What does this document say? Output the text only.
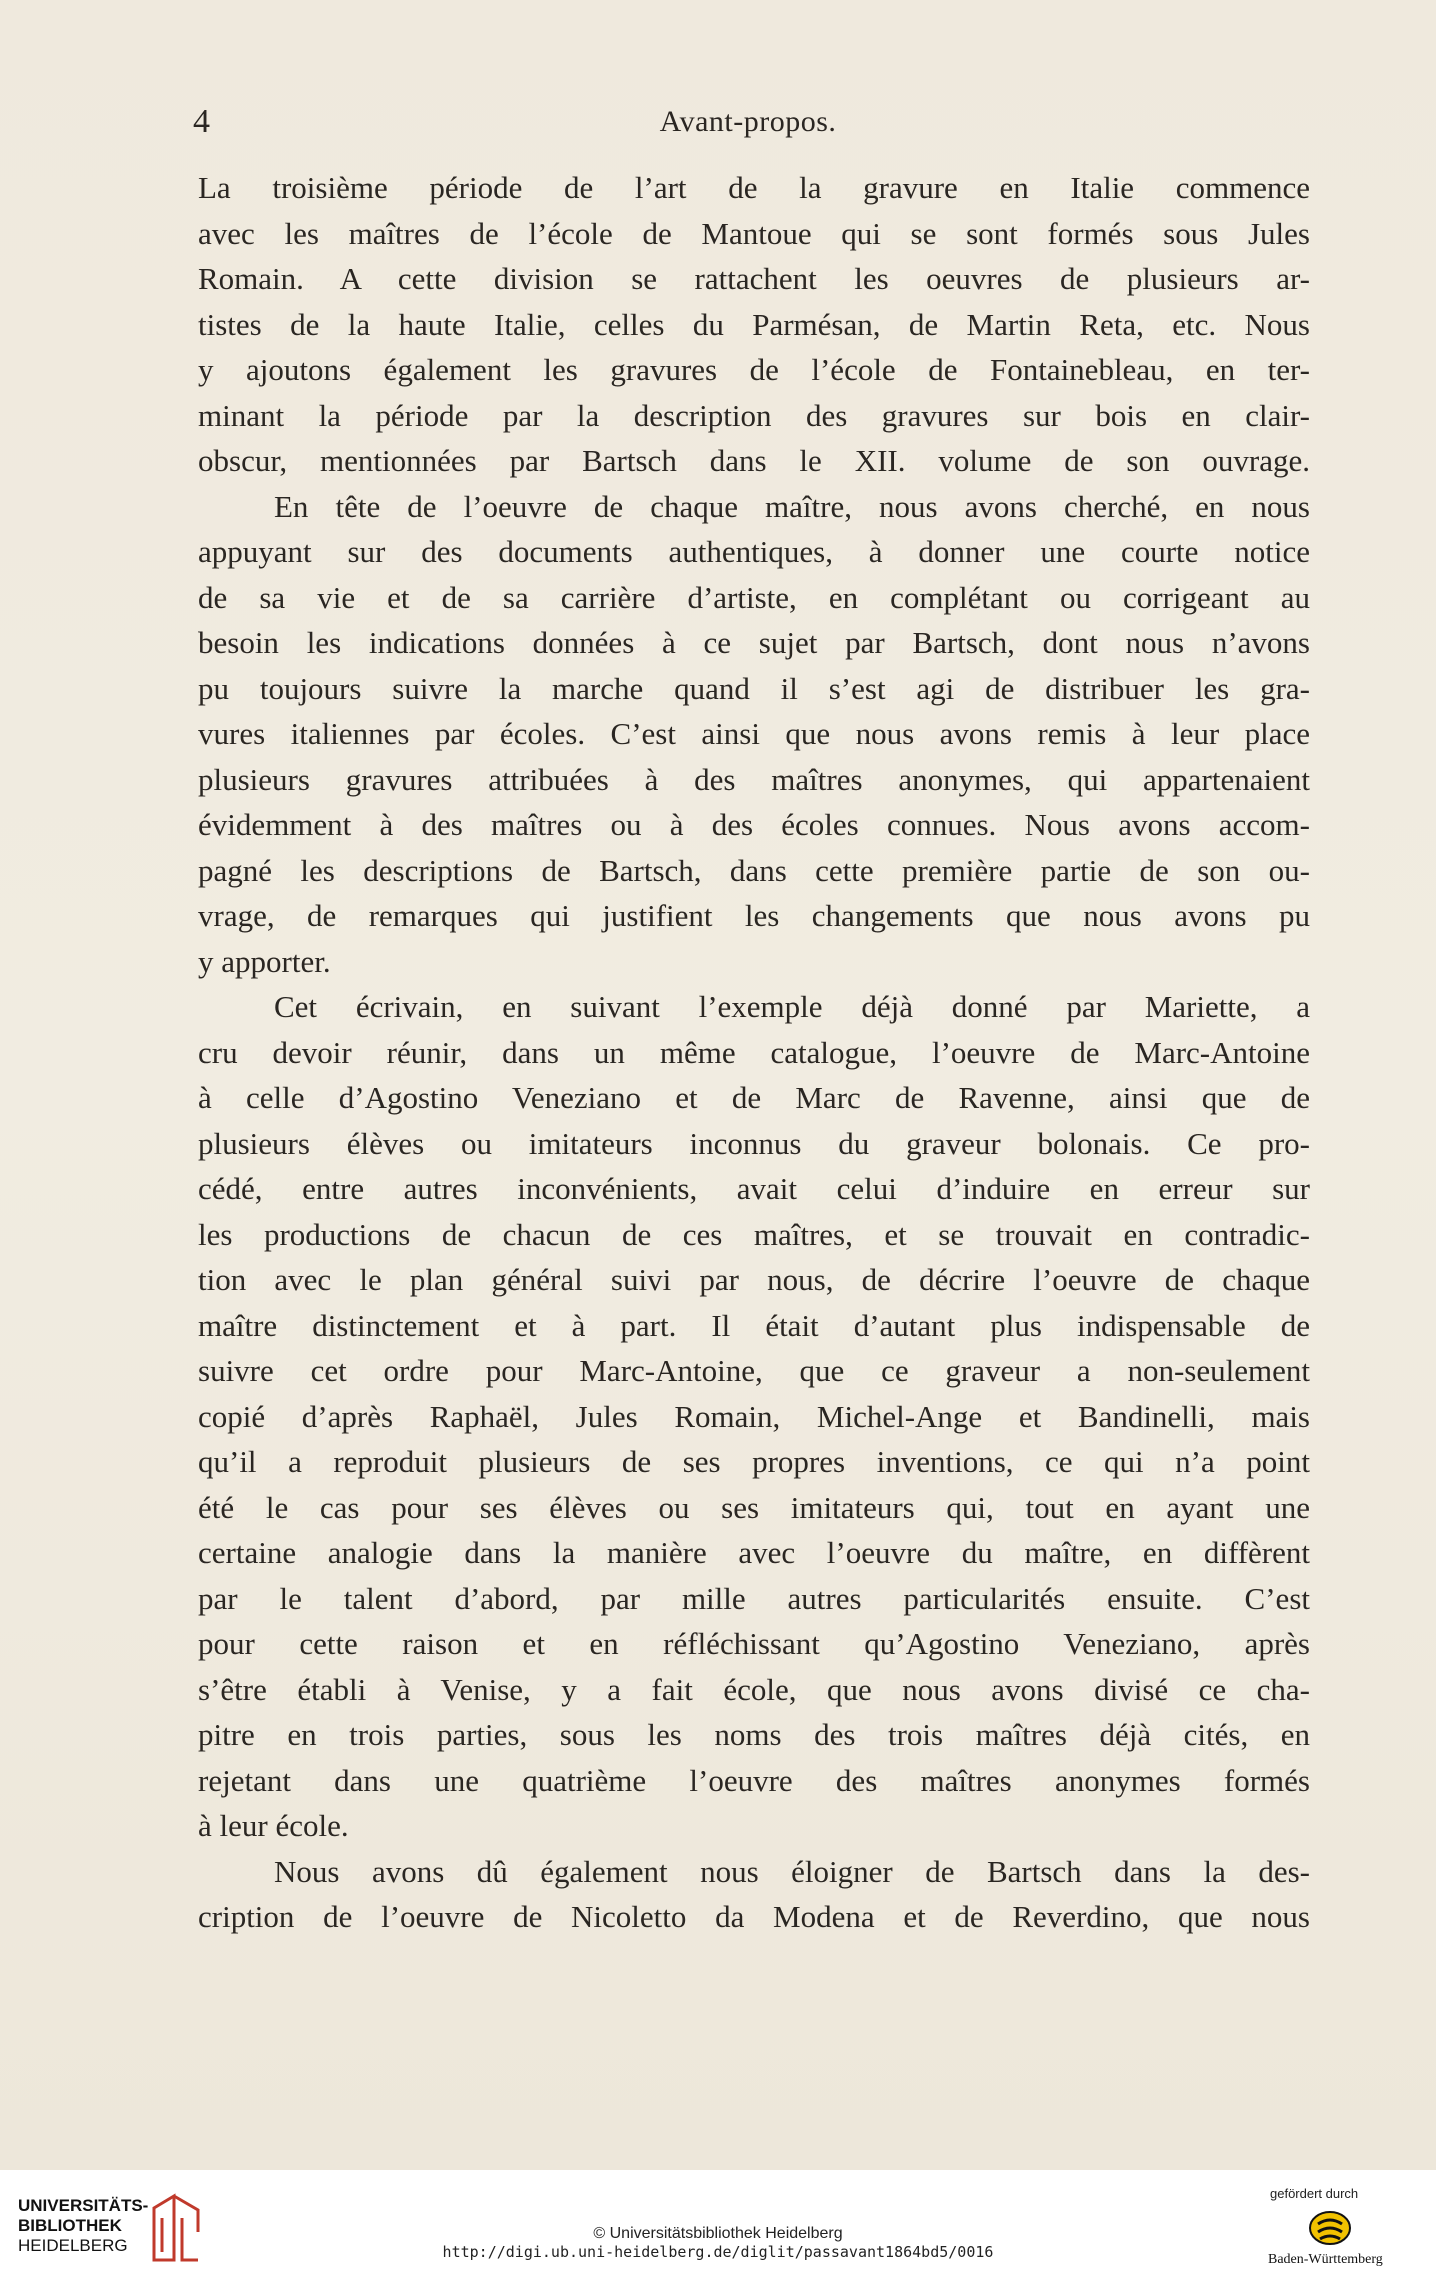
4	Avant-propos.
La troisième période de l’art de la gravure en Italie commence
avec les maîtres de l’école de Mantoue qui se sont formés sous Jules
Romain. A cette division se rattachent les oeuvres de plusieurs ar-
tistes de la haute Italie, celles du Parmésan, de Martin Reta, etc. Nous
y ajoutons également les gravures de l’école de Fontainebleau, en ter-
minant la période par la description des gravures sur bois en clair-
obscur, mentionnées par Bartsch dans le XII. volume de son ouvrage.
En tête de l’oeuvre de chaque maître, nous avons cherché, en nous
appuyant sur des documents authentiques, à donner une courte notice
de sa vie et de sa carrière d’artiste, en complétant ou corrigeant au
besoin les indications données à ce sujet par Bartsch, dont nous n’avons
pu toujours suivre la marche quand il s’est agi de distribuer les gra-
vures italiennes par écoles. C’est ainsi que nous avons remis à leur place
plusieurs gravures attribuées à des maîtres anonymes, qui appartenaient
évidemment à des maîtres ou à des écoles connues. Nous avons accom-
pagné les descriptions de Bartsch, dans cette première partie de son ou-
vrage, de remarques qui justifient les changements que nous avons pu
y apporter.
Cet écrivain, en suivant l’exemple déjà donné par Mariette, a
cru devoir réunir, dans un même catalogue, l’oeuvre de Marc-Antoine
à celle d’Agostino Veneziano et de Marc de Ravenne, ainsi que de
plusieurs élèves ou imitateurs inconnus du graveur bolonais. Ce pro-
cédé, entre autres inconvénients, avait celui d’induire en erreur sur
les productions de chacun de ces maîtres, et se trouvait en contradic-
tion avec le plan général suivi par nous, de décrire l’oeuvre de chaque
maître distinctement et à part. Il était d’autant plus indispensable de
suivre cet ordre pour Marc-Antoine, que ce graveur a non-seulement
copié d’après Raphaël, Jules Romain, Michel-Ange et Bandinelli, mais
qu’il a reproduit plusieurs de ses propres inventions, ce qui n’a point
été le cas pour ses élèves ou ses imitateurs qui, tout en ayant une
certaine analogie dans la manière avec l’oeuvre du maître, en diffèrent
par le talent d’abord, par mille autres particularités ensuite. C’est
pour cette raison et en réfléchissant qu’Agostino Veneziano, après
s’être établi à Venise, y a fait école, que nous avons divisé ce cha-
pitre en trois parties, sous les noms des trois maîtres déjà cités, en
rejetant dans une quatrième l’oeuvre des maîtres anonymes formés
à leur école.
Nous avons dû également nous éloigner de Bartsch dans la des-
cription de l’oeuvre de Nicoletto da Modena et de Reverdino, que nous
UNIVERSITÄTS-
BIBLIOTHEK
HEIDELBERG
© Universitätsbibliothek Heidelberg
http://digi.ub.uni-heidelberg.de/diglit/passavant1864bd5/0016
gefördert durch
Baden-Württemberg
